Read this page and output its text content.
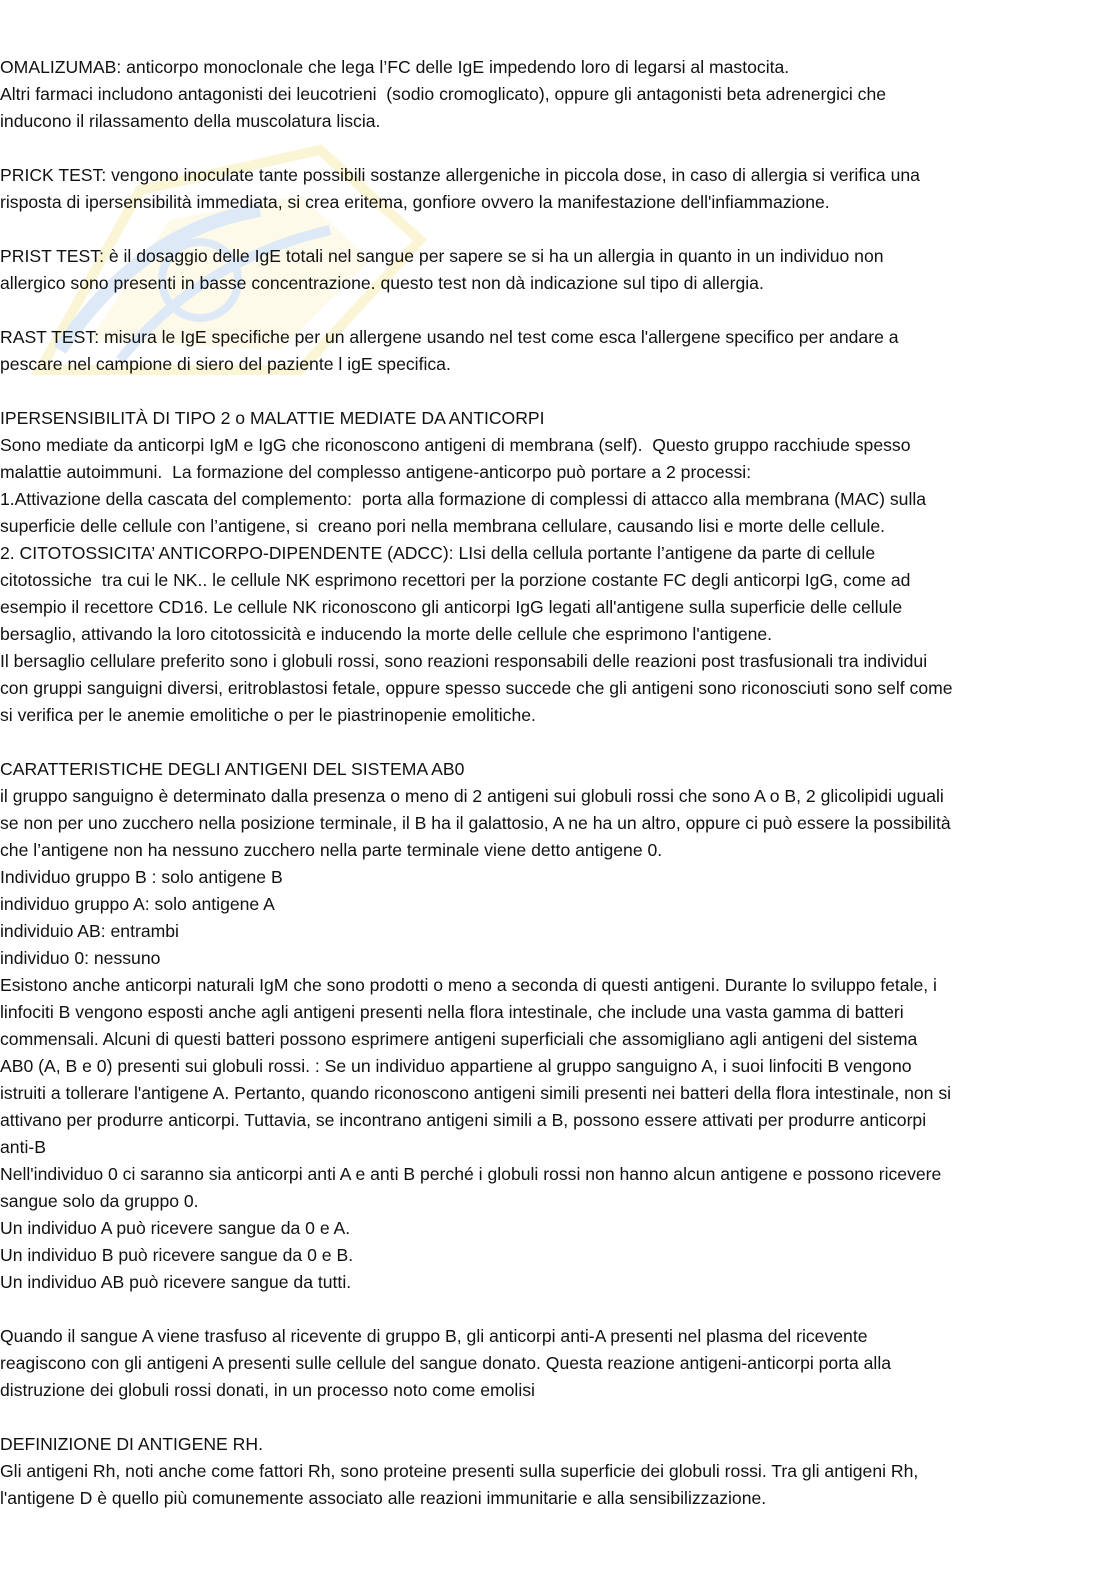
OMALIZUMAB: anticorpo monoclonale che lega l’FC delle IgE impedendo loro di legarsi al mastocita.
Altri farmaci includono antagonisti dei leucotrieni  (sodio cromoglicato), oppure gli antagonisti beta adrenergici che
inducono il rilassamento della muscolatura liscia.
PRICK TEST: vengono inoculate tante possibili sostanze allergeniche in piccola dose, in caso di allergia si verifica una
risposta di ipersensibilità immediata, si crea eritema, gonfiore ovvero la manifestazione dell'infiammazione.
PRIST TEST: è il dosaggio delle IgE totali nel sangue per sapere se si ha un allergia in quanto in un individuo non
allergico sono presenti in basse concentrazione. questo test non dà indicazione sul tipo di allergia.
RAST TEST: misura le IgE specifiche per un allergene usando nel test come esca l'allergene specifico per andare a
pescare nel campione di siero del paziente l igE specifica.
IPERSENSIBILITÀ DI TIPO 2 o MALATTIE MEDIATE DA ANTICORPI
Sono mediate da anticorpi IgM e IgG che riconoscono antigeni di membrana (self).  Questo gruppo racchiude spesso
malattie autoimmuni.  La formazione del complesso antigene-anticorpo può portare a 2 processi:
1.Attivazione della cascata del complemento:  porta alla formazione di complessi di attacco alla membrana (MAC) sulla
superficie delle cellule con l’antigene, si  creano pori nella membrana cellulare, causando lisi e morte delle cellule.
2. CITOTOSSICITA’ ANTICORPO-DIPENDENTE (ADCC): LIsi della cellula portante l’antigene da parte di cellule
citotossiche  tra cui le NK.. le cellule NK esprimono recettori per la porzione costante FC degli anticorpi IgG, come ad
esempio il recettore CD16. Le cellule NK riconoscono gli anticorpi IgG legati all'antigene sulla superficie delle cellule
bersaglio, attivando la loro citotossicità e inducendo la morte delle cellule che esprimono l'antigene.
Il bersaglio cellulare preferito sono i globuli rossi, sono reazioni responsabili delle reazioni post trasfusionali tra individui
con gruppi sanguigni diversi, eritroblastosi fetale, oppure spesso succede che gli antigeni sono riconosciuti sono self come
si verifica per le anemie emolitiche o per le piastrinopenie emolitiche.
CARATTERISTICHE DEGLI ANTIGENI DEL SISTEMA AB0
il gruppo sanguigno è determinato dalla presenza o meno di 2 antigeni sui globuli rossi che sono A o B, 2 glicolipidi uguali
se non per uno zucchero nella posizione terminale, il B ha il galattosio, A ne ha un altro, oppure ci può essere la possibilità
che l’antigene non ha nessuno zucchero nella parte terminale viene detto antigene 0.
Individuo gruppo B : solo antigene B
individuo gruppo A: solo antigene A
individuio AB: entrambi
individuo 0: nessuno
Esistono anche anticorpi naturali IgM che sono prodotti o meno a seconda di questi antigeni. Durante lo sviluppo fetale, i
linfociti B vengono esposti anche agli antigeni presenti nella flora intestinale, che include una vasta gamma di batteri
commensali. Alcuni di questi batteri possono esprimere antigeni superficiali che assomigliano agli antigeni del sistema
AB0 (A, B e 0) presenti sui globuli rossi. : Se un individuo appartiene al gruppo sanguigno A, i suoi linfociti B vengono
istruiti a tollerare l'antigene A. Pertanto, quando riconoscono antigeni simili presenti nei batteri della flora intestinale, non si
attivano per produrre anticorpi. Tuttavia, se incontrano antigeni simili a B, possono essere attivati per produrre anticorpi
anti-B
Nell'individuo 0 ci saranno sia anticorpi anti A e anti B perché i globuli rossi non hanno alcun antigene e possono ricevere
sangue solo da gruppo 0.
Un individuo A può ricevere sangue da 0 e A.
Un individuo B può ricevere sangue da 0 e B.
Un individuo AB può ricevere sangue da tutti.
Quando il sangue A viene trasfuso al ricevente di gruppo B, gli anticorpi anti-A presenti nel plasma del ricevente
reagiscono con gli antigeni A presenti sulle cellule del sangue donato. Questa reazione antigeni-anticorpi porta alla
distruzione dei globuli rossi donati, in un processo noto come emolisi
DEFINIZIONE DI ANTIGENE RH.
Gli antigeni Rh, noti anche come fattori Rh, sono proteine presenti sulla superficie dei globuli rossi. Tra gli antigeni Rh,
l'antigene D è quello più comunemente associato alle reazioni immunitarie e alla sensibilizzazione.
